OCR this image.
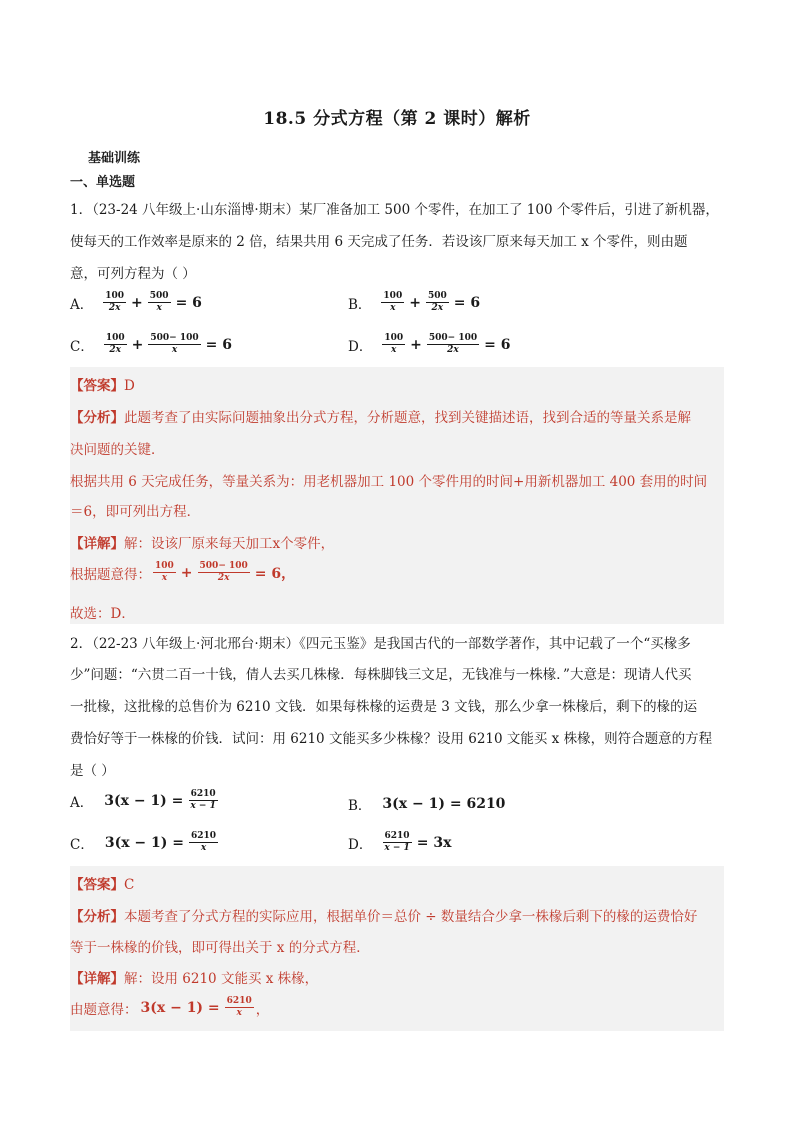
18.5 分式方程（第 2 课时）解析
基础训练
一、单选题
1．（23-24 八年级上·山东淄博·期末）某厂准备加工 500 个零件，在加工了 100 个零件后，引进了新机器，
使每天的工作效率是原来的 2 倍，结果共用 6 天完成了任务．若设该厂原来每天加工 x 个零件，则由题
意，可列方程为（ ）
A． $\frac{100}{2x} + \frac{500}{x} = 6$	B． $\frac{100}{x} + \frac{500}{2x} = 6$
C． $\frac{100}{2x} + \frac{500- 100}{x} = 6$	D． $\frac{100}{x} + \frac{500- 100}{2x} = 6$
【答案】D
【分析】此题考查了由实际问题抽象出分式方程，分析题意，找到关键描述语，找到合适的等量关系是解
决问题的关键．
根据共用 6 天完成任务，等量关系为：用老机器加工 100 个零件用的时间+用新机器加工 400 套用的时间
＝6，即可列出方程．
【详解】解：设该厂原来每天加工x个零件，
根据题意得： $\frac{100}{x} + \frac{500- 100}{2x} = 6$，
故选：D．
2．（22-23 八年级上·河北邢台·期末）《四元玉鉴》是我国古代的一部数学著作，其中记载了一个“买椽多
少”问题：“六贯二百一十钱，倩人去买几株椽．每株脚钱三文足，无钱准与一株椽．”大意是：现请人代买
一批椽，这批椽的总售价为 6210 文钱．如果每株椽的运费是 3 文钱，那么少拿一株椽后，剩下的椽的运
费恰好等于一株椽的价钱．试问：用 6210 文能买多少株椽？设用 6210 文能买 x 株椽，则符合题意的方程
是（ ）
A． $3(x - 1) = \frac{6210}{x - 1}$	B． 3(x − 1) = 6210
C． $3(x - 1) = \frac{6210}{x}$	D． $\frac{6210}{x - 1} = 3x$
【答案】C
【分析】本题考查了分式方程的实际应用，根据单价＝总价 ÷ 数量结合少拿一株椽后剩下的椽的运费恰好
等于一株椽的价钱，即可得出关于 x 的分式方程．
【详解】解：设用 6210 文能买 x 株椽，
由题意得： $3(x - 1) = \frac{6210}{x}$ ，
